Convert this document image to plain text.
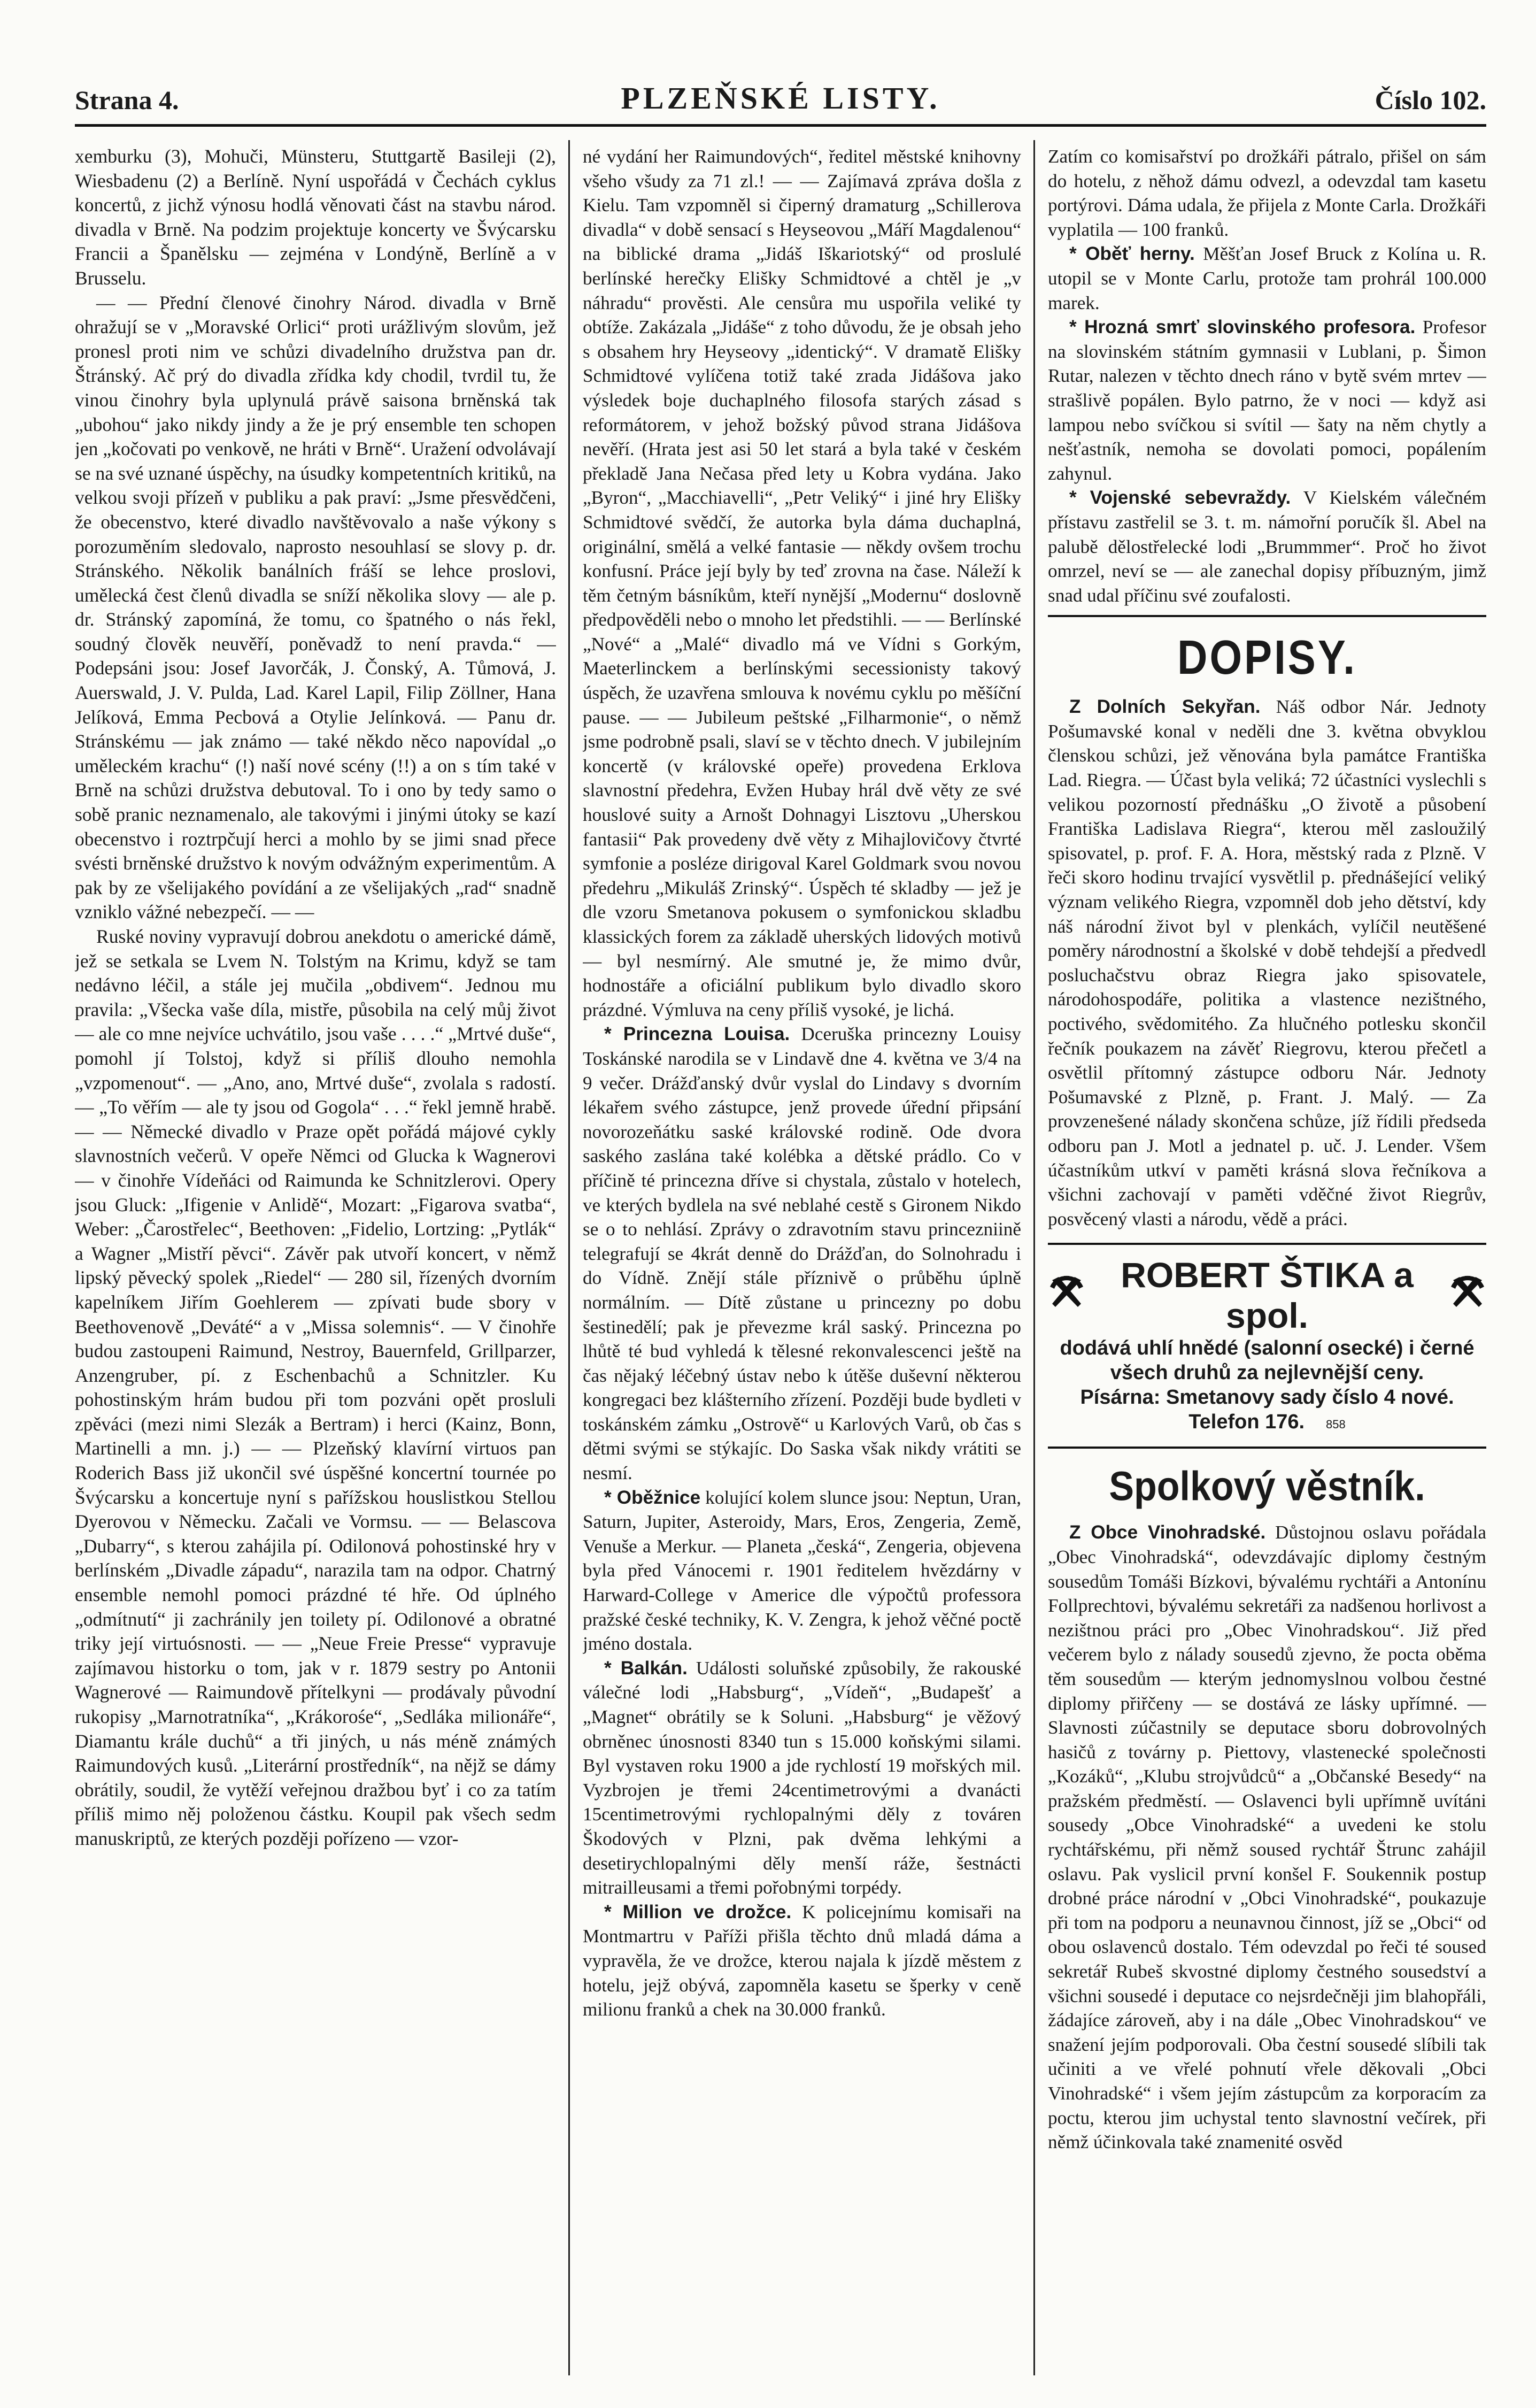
Strana 4.	PLZEŇSKÉ LISTY.	Číslo 102.

xemburku (3), Mohuči, Münsteru, Stuttgartě Basileji (2), Wiesbadenu (2) a Berlíně. Nyní uspořádá v Čechách cyklus koncertů, z jichž výnosu hodlá věnovati část na stavbu národ. divadla v Brně. Na podzim projektuje koncerty ve Švýcarsku Francii a Španělsku — zejména v Londýně, Berlíně a v Brusselu.

— — Přední členové činohry Národ. divadla v Brně ohražují se v „Moravské Orlici“ proti urážlivým slovům, jež pronesl proti nim ve schůzi divadelního družstva pan dr. Štránský. Ač prý do divadla zřídka kdy chodil, tvrdil tu, že vinou činohry byla uplynulá právě saisona brněnská tak „ubohou“ jako nikdy jindy a že je prý ensemble ten schopen jen „kočovati po venkově, ne hráti v Brně“. Uražení odvolávají se na své uznané úspěchy, na úsudky kompetentních kritiků, na velkou svoji přízeň v publiku a pak praví: „Jsme přesvědčeni, že obecenstvo, které divadlo navštěvovalo a naše výkony s porozuměním sledovalo, naprosto nesouhlasí se slovy p. dr. Stránského. Několik banálních fráší se lehce proslovi, umělecká čest členů divadla se sníží několika slovy — ale p. dr. Stránský zapomíná, že tomu, co špatného o nás řekl, soudný člověk neuvěří, poněvadž to není pravda.“ — Podepsáni jsou: Josef Javorčák, J. Čonský, A. Tůmová, J. Auerswald, J. V. Pulda, Lad. Karel Lapil, Filip Zöllner, Hana Jelíková, Emma Pecbová a Otylie Jelínková. — Panu dr. Stránskému — jak známo — také někdo něco napovídal „o uměleckém krachu“ (!) naší nové scény (!!) a on s tím také v Brně na schůzi družstva debutoval. To i ono by tedy samo o sobě pranic neznamenalo, ale takovými i jinými útoky se kazí obecenstvo i roztrpčují herci a mohlo by se jimi snad přece svésti brněnské družstvo k novým odvážným experimentům. A pak by ze všelijakého povídání a ze všelijakých „rad“ snadně vzniklo vážné nebezpečí. — —

Ruské noviny vypravují dobrou anekdotu o americké dámě, jež se setkala se Lvem N. Tolstým na Krimu, když se tam nedávno léčil, a stále jej mučila „obdivem“. Jednou mu pravila: „Všecka vaše díla, mistře, působila na celý můj život — ale co mne nejvíce uchvátilo, jsou vaše . . . .“ „Mrtvé duše“, pomohl jí Tolstoj, když si příliš dlouho nemohla „vzpomenout“. — „Ano, ano, Mrtvé duše“, zvolala s radostí. — „To věřím — ale ty jsou od Gogola“ . . .“ řekl jemně hrabě. — — Německé divadlo v Praze opět pořádá májové cykly slavnostních večerů. V opeře Němci od Glucka k Wagnerovi — v činohře Vídeňáci od Raimunda ke Schnitzlerovi. Opery jsou Gluck: „Ifigenie v Anlidě“, Mozart: „Figarova svatba“, Weber: „Čarostřelec“, Beethoven: „Fidelio, Lortzing: „Pytlák“ a Wagner „Mistří pěvci“. Závěr pak utvoří koncert, v němž lipský pěvecký spolek „Riedel“ — 280 sil, řízených dvorním kapelníkem Jiřím Goehlerem — zpívati bude sbory v Beethovenově „Deváté“ a v „Missa solemnis“. — V činohře budou zastoupeni Raimund, Nestroy, Bauernfeld, Grillparzer, Anzengruber, pí. z Eschenbachů a Schnitzler. Ku pohostinským hrám budou při tom pozváni opět prosluli zpěváci (mezi nimi Slezák a Bertram) i herci (Kainz, Bonn, Martinelli a mn. j.) — — Plzeňský klavírní virtuos pan Roderich Bass již ukončil své úspěšné koncertní tournée po Švýcarsku a koncertuje nyní s pařížskou houslistkou Stellou Dyerovou v Německu. Začali ve Vormsu. — — Belascova „Dubarry“, s kterou zahájila pí. Odilonová pohostinské hry v berlínském „Divadle západu“, narazila tam na odpor. Chatrný ensemble nemohl pomoci prázdné té hře. Od úplného „odmítnutí“ ji zachránily jen toilety pí. Odilonové a obratné triky její virtuósnosti. — — „Neue Freie Presse“ vypravuje zajímavou historku o tom, jak v r. 1879 sestry po Antonii Wagnerové — Raimundově přítelkyni — prodávaly původní rukopisy „Marnotratníka“, „Krákorośe“, „Sedláka milionáře“, Diamantu krále duchů“ a tři jiných, u nás méně známých Raimundových kusů. „Literární prostředník“, na nějž se dámy obrátily, soudil, že vytěží veřejnou dražbou byť i co za tatím příliš mimo něj položenou částku. Koupil pak všech sedm manuskriptů, ze kterých později pořízeno — vzor-

né vydání her Raimundových“, ředitel městské knihovny všeho všudy za 71 zl.! — — Zajímavá zpráva došla z Kielu. Tam vzpomněl si čiperný dramaturg „Schillerova divadla“ v době sensací s Heyseovou „Máří Magdalenou“ na biblické drama „Jidáš Iškariotský“ od proslulé berlínské herečky Elišky Schmidtové a chtěl je „v náhradu“ prověsti. Ale censůra mu uspořila veliké ty obtíže. Zakázala „Jidáše“ z toho důvodu, že je obsah jeho s obsahem hry Heyseovy „identický“. V dramatě Elišky Schmidtové vylíčena totiž také zrada Jidášova jako výsledek boje duchaplného filosofa starých zásad s reformátorem, v jehož božský původ strana Jidášova nevěří. (Hrata jest asi 50 let stará a byla také v českém překladě Jana Nečasa před lety u Kobra vydána. Jako „Byron“, „Macchiavelli“, „Petr Veliký“ i jiné hry Elišky Schmidtové svědčí, že autorka byla dáma duchaplná, originální, smělá a velké fantasie — někdy ovšem trochu konfusní. Práce její byly by teď zrovna na čase. Náleží k těm četným básníkům, kteří nynější „Modernu“ doslovně předpověděli nebo o mnoho let předstihli. — — Berlínské „Nové“ a „Malé“ divadlo má ve Vídni s Gorkým, Maeterlinckem a berlínskými secessionisty takový úspěch, že uzavřena smlouva k novému cyklu po měšíční pause. — — Jubileum peštské „Filharmonie“, o němž jsme podrobně psali, slaví se v těchto dnech. V jubilejním koncertě (v královské opeře) provedena Erklova slavnostní předehra, Evžen Hubay hrál dvě věty ze své houslové suity a Arnošt Dohnagyi Lisztovu „Uherskou fantasii“ Pak provedeny dvě věty z Mihajlovičovy čtvrté symfonie a posléze dirigoval Karel Goldmark svou novou předehru „Mikuláš Zrinský“. Úspěch té skladby — jež je dle vzoru Smetanova pokusem o symfonickou skladbu klassických forem za základě uherských lidových motivů — byl nesmírný. Ale smutné je, že mimo dvůr, hodnostáře a oficiální publikum bylo divadlo skoro prázdné. Výmluva na ceny příliš vysoké, je lichá.

* Princezna Louisa. Dceruška princezny Louisy Toskánské narodila se v Lindavě dne 4. května ve 3/4 na 9 večer. Drážďanský dvůr vyslal do Lindavy s dvorním lékařem svého zástupce, jenž provede úřední připsání novorozeňátku saské královské rodině. Ode dvora saského zaslána také kolébka a dětské prádlo. Co v příčině té princezna dříve si chystala, zůstalo v hotelech, ve kterých bydlela na své neblahé cestě s Gironem Nikdo se o to nehlásí. Zprávy o zdravotním stavu princezniině telegrafují se 4krát denně do Drážďan, do Solnohradu i do Vídně. Znějí stále příznivě o průběhu úplně normálním. — Dítě zůstane u princezny po dobu šestinedělí; pak je převezme král saský. Princezna po lhůtě té bud vyhledá k tělesné rekonvalescenci ještě na čas nějaký léčebný ústav nebo k útěše duševní některou kongregaci bez klášterního zřízení. Později bude bydleti v toskánském zámku „Ostrově“ u Karlových Varů, ob čas s dětmi svými se stýkajíc. Do Saska však nikdy vrátiti se nesmí.

* Oběžnice kolující kolem slunce jsou: Neptun, Uran, Saturn, Jupiter, Asteroidy, Mars, Eros, Zengeria, Země, Venuše a Merkur. — Planeta „česká“, Zengeria, objevena byla před Vánocemi r. 1901 ředitelem hvězdárny v Harward-College v Americe dle výpočtů professora pražské české techniky, K. V. Zengra, k jehož věčné poctě jméno dostala.

* Balkán. Události soluňské způsobily, že rakouské válečné lodi „Habsburg“, „Vídeň“, „Budapešť a „Magnet“ obrátily se k Soluni. „Habsburg“ je věžový obrněnec únosnosti 8340 tun s 15.000 koňskými silami. Byl vystaven roku 1900 a jde rychlostí 19 mořských mil. Vyzbrojen je třemi 24centimetrovými a dvanácti 15centimetrovými rychlopalnými děly z továren Škodových v Plzni, pak dvěma lehkými a desetirychlopalnými děly menší ráže, šestnácti mitrailleusami a třemi pořobnými torpédy.

* Million ve drožce. K policejnímu komisaři na Montmartru v Paříži přišla těchto dnů mladá dáma a vypravěla, že ve drožce, kterou najala k jízdě městem z hotelu, jejž obývá, zapomněla kasetu se šperky v ceně milionu franků a chek na 30.000 franků.

Zatím co komisařství po drožkáři pátralo, přišel on sám do hotelu, z něhož dámu odvezl, a odevzdal tam kasetu portýrovi. Dáma udala, že přijela z Monte Carla. Drožkáři vyplatila — 100 franků.

* Oběť herny. Měšťan Josef Bruck z Kolína u. R. utopil se v Monte Carlu, protože tam prohrál 100.000 marek.

* Hrozná smrť slovinského profesora. Profesor na slovinském státním gymnasii v Lublani, p. Šimon Rutar, nalezen v těchto dnech ráno v bytě svém mrtev — strašlivě popálen. Bylo patrno, že v noci — když asi lampou nebo svíčkou si svítil — šaty na něm chytly a nešťastník, nemoha se dovolati pomoci, popálením zahynul.

* Vojenské sebevraždy. V Kielském válečném přístavu zastřelil se 3. t. m. námořní poručík šl. Abel na palubě dělostřelecké lodi „Brummmer“. Proč ho život omrzel, neví se — ale zanechal dopisy příbuzným, jimž snad udal příčinu své zoufalosti.

DOPISY.

Z Dolních Sekyřan. Náš odbor Nár. Jednoty Pošumavské konal v neděli dne 3. května obvyklou členskou schůzi, jež věnována byla památce Františka Lad. Riegra. — Účast byla veliká; 72 účastníci vyslechli s velikou pozorností přednášku „O životě a působení Františka Ladislava Riegra“, kterou měl zasloužilý spisovatel, p. prof. F. A. Hora, městský rada z Plzně. V řeči skoro hodinu trvající vysvětlil p. přednášející veliký význam velikého Riegra, vzpomněl dob jeho dětství, kdy náš národní život byl v plenkách, vylíčil neutěšené poměry národnostní a školské v době tehdejší a předvedl posluchačstvu obraz Riegra jako spisovatele, národohospodáře, politika a vlastence nezištného, poctivého, svědomitého. Za hlučného potlesku skončil řečník poukazem na závěť Riegrovu, kterou přečetl a osvětlil přítomný zástupce odboru Nár. Jednoty Pošumavské z Plzně, p. Frant. J. Malý. — Za provzenešené nálady skončena schůze, jíž řídili předseda odboru pan J. Motl a jednatel p. uč. J. Lender. Všem účastníkům utkví v paměti krásná slova řečníkova a všichni zachovají v paměti vděčné život Riegrův, posvěcený vlasti a národu, vědě a práci.

ROBERT ŠTIKA a spol.
dodává uhlí hnědé (salonní osecké) i černé
všech druhů za nejlevnější ceny.
Písárna: Smetanovy sady číslo 4 nové.
Telefon 176. 858
Spolkový věstník.

Z Obce Vinohradské. Důstojnou oslavu pořádala „Obec Vinohradská“, odevzdávajíc diplomy čestným sousedům Tomáši Bízkovi, bývalému rychtáři a Antonínu Follprechtovi, bývalému sekretáři za nadšenou horlivost a nezištnou práci pro „Obec Vinohradskou“. Již před večerem bylo z nálady sousedů zjevno, že pocta oběma těm sousedům — kterým jednomyslnou volbou čestné diplomy přiřčeny — se dostává ze lásky upřímné. — Slavnosti zúčastnily se deputace sboru dobrovolných hasičů z továrny p. Piettovy, vlastenecké společnosti „Kozáků“, „Klubu strojvůdců“ a „Občanské Besedy“ na pražském předměstí. — Oslavenci byli upřímně uvítáni sousedy „Obce Vinohradské“ a uvedeni ke stolu rychtářskému, při němž soused rychtář Štrunc zahájil oslavu. Pak vyslicil první konšel F. Soukennik postup drobné práce národní v „Obci Vinohradské“, poukazuje při tom na podporu a neunavnou činnost, jíž se „Obci“ od obou oslavenců dostalo. Tém odevzdal po řeči té soused sekretář Rubeš skvostné diplomy čestného sousedství a všichni sousedé i deputace co nejsrdečněji jim blahopřáli, žádajíce zároveň, aby i na dále „Obec Vinohradskou“ ve snažení jejím podporovali. Oba čestní sousedé slíbili tak učiniti a ve vřelé pohnutí vřele děkovali „Obci Vinohradské“ i všem jejím zástupcům za korporacím za poctu, kterou jim uchystal tento slavnostní večírek, při němž účinkovala také znamenité osvěd
